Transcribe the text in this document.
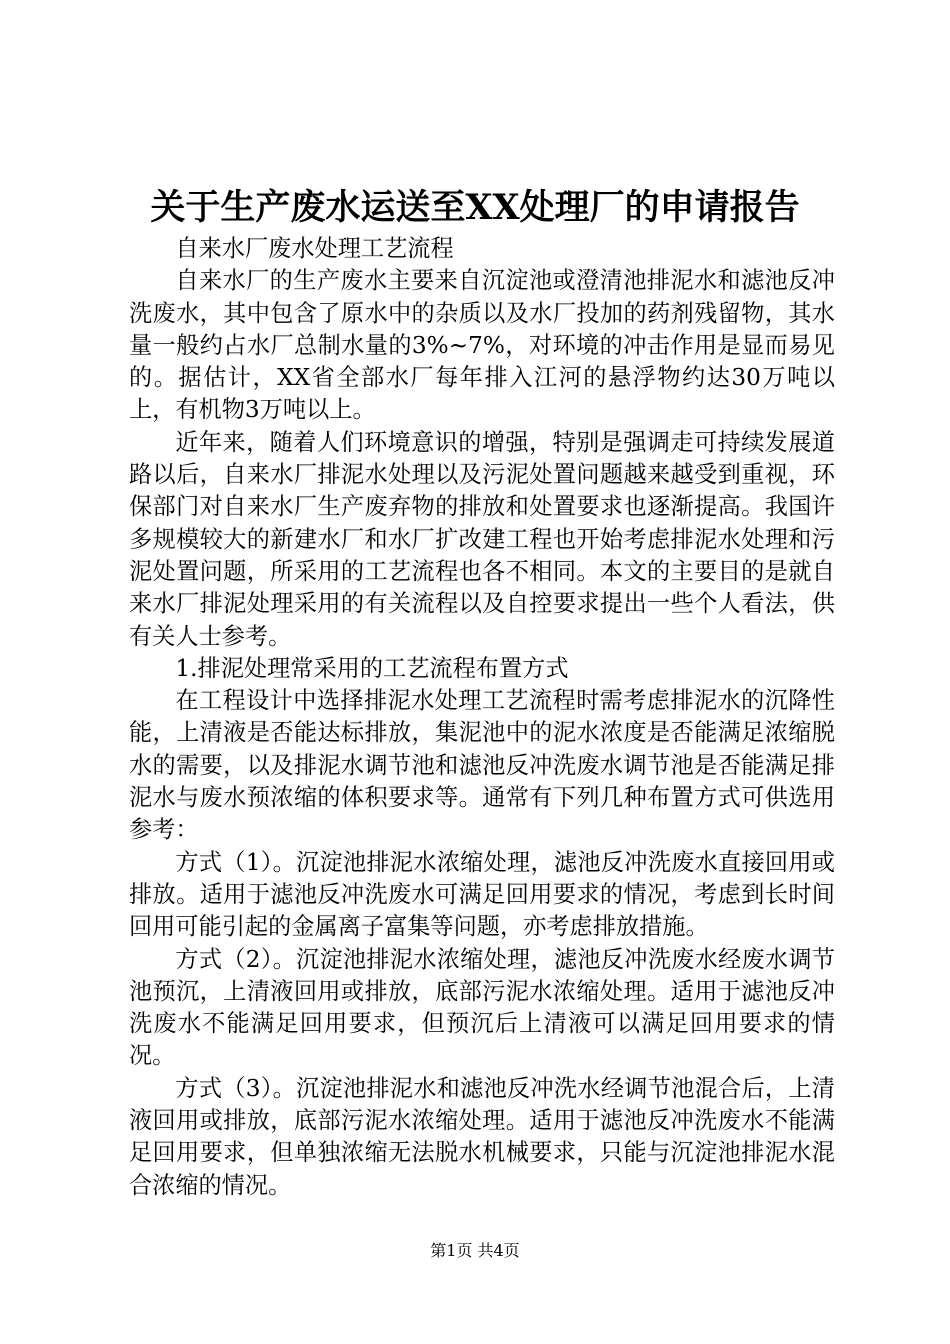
关于生产废水运送至XX处理厂的申请报告

自来水厂废水处理工艺流程

自来水厂的生产废水主要来自沉淀池或澄清池排泥水和滤池反冲洗废水，其中包含了原水中的杂质以及水厂投加的药剂残留物，其水量一般约占水厂总制水量的3%~7%，对环境的冲击作用是显而易见的。据估计，XX省全部水厂每年排入江河的悬浮物约达30万吨以上，有机物3万吨以上。

近年来，随着人们环境意识的增强，特别是强调走可持续发展道路以后，自来水厂排泥水处理以及污泥处置问题越来越受到重视，环保部门对自来水厂生产废弃物的排放和处置要求也逐渐提高。我国许多规模较大的新建水厂和水厂扩改建工程也开始考虑排泥水处理和污泥处置问题，所采用的工艺流程也各不相同。本文的主要目的是就自来水厂排泥处理采用的有关流程以及自控要求提出一些个人看法，供有关人士参考。

1.排泥处理常采用的工艺流程布置方式

在工程设计中选择排泥水处理工艺流程时需考虑排泥水的沉降性能，上清液是否能达标排放，集泥池中的泥水浓度是否能满足浓缩脱水的需要，以及排泥水调节池和滤池反冲洗废水调节池是否能满足排泥水与废水预浓缩的体积要求等。通常有下列几种布置方式可供选用参考：

方式（1）。沉淀池排泥水浓缩处理，滤池反冲洗废水直接回用或排放。适用于滤池反冲洗废水可满足回用要求的情况，考虑到长时间回用可能引起的金属离子富集等问题，亦考虑排放措施。

方式（2）。沉淀池排泥水浓缩处理，滤池反冲洗废水经废水调节池预沉，上清液回用或排放，底部污泥水浓缩处理。适用于滤池反冲洗废水不能满足回用要求，但预沉后上清液可以满足回用要求的情况。

方式（3）。沉淀池排泥水和滤池反冲洗水经调节池混合后，上清液回用或排放，底部污泥水浓缩处理。适用于滤池反冲洗废水不能满足回用要求，但单独浓缩无法脱水机械要求，只能与沉淀池排泥水混合浓缩的情况。

第1页 共4页
